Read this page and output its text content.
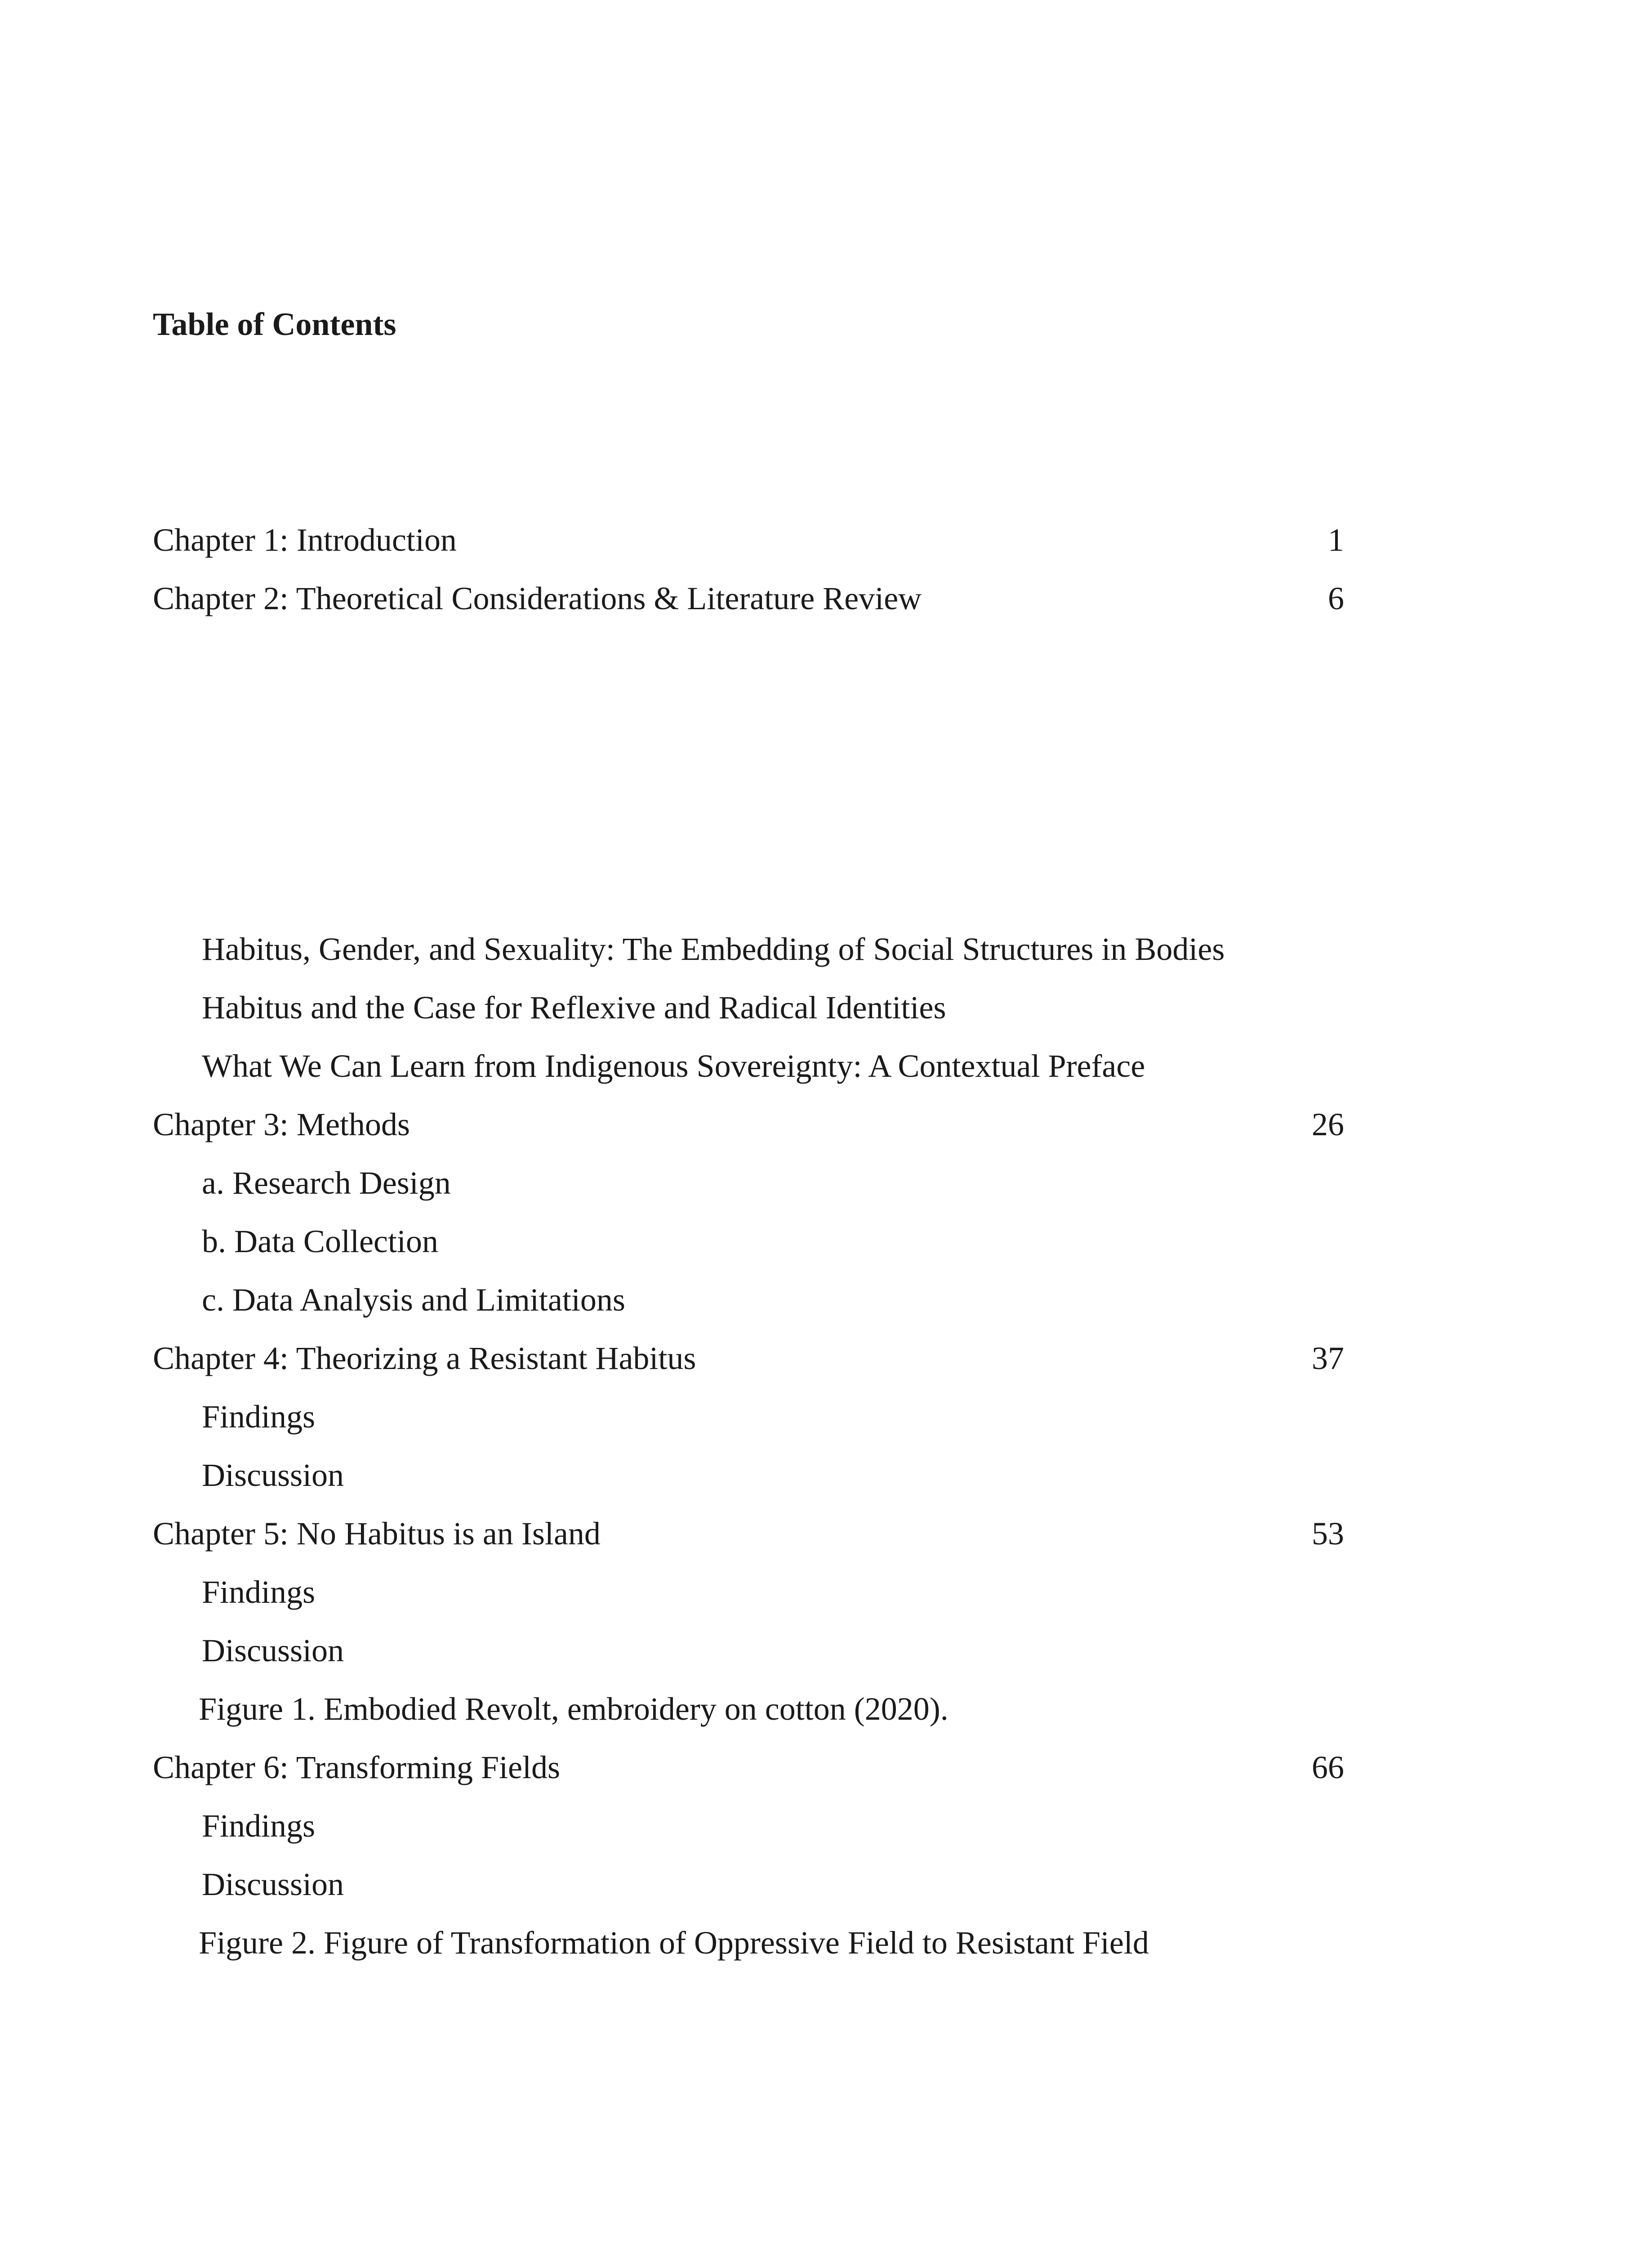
Table of Contents
Chapter 1: Introduction	1
Chapter 2: Theoretical Considerations & Literature Review	6
Habitus, Gender, and Sexuality: The Embedding of Social Structures in Bodies
Habitus and the Case for Reflexive and Radical Identities
What We Can Learn from Indigenous Sovereignty: A Contextual Preface
Chapter 3: Methods	26
a. Research Design
b. Data Collection
c. Data Analysis and Limitations
Chapter 4: Theorizing a Resistant Habitus	37
Findings
Discussion
Chapter 5: No Habitus is an Island	53
Findings
Discussion
Figure 1. Embodied Revolt, embroidery on cotton (2020).
Chapter 6: Transforming Fields	66
Findings
Discussion
Figure 2. Figure of Transformation of Oppressive Field to Resistant Field
